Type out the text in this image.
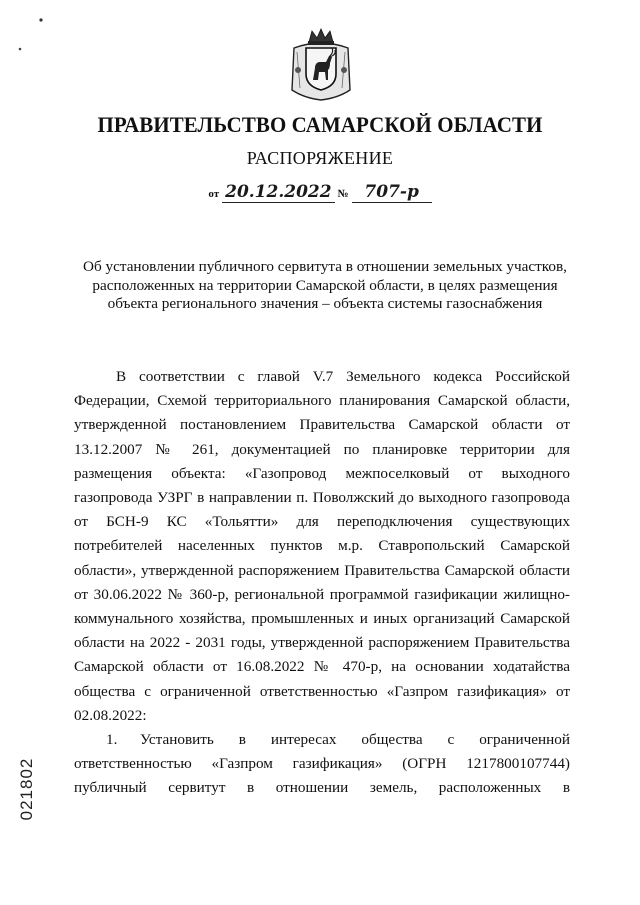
ПРАВИТЕЛЬСТВО САМАРСКОЙ ОБЛАСТИ
РАСПОРЯЖЕНИЕ
от 20.12.2022 № 707-р
Об установлении публичного сервитута в отношении земельных участков, расположенных на территории Самарской области, в целях размещения объекта регионального значения – объекта системы газоснабжения

В соответствии с главой V.7 Земельного кодекса Российской Федерации, Схемой территориального планирования Самарской области, утвержденной постановлением Правительства Самарской области от 13.12.2007 № 261, документацией по планировке территории для размещения объекта: «Газопровод межпоселковый от выходного газопровода УЗРГ в направлении п. Поволжский до выходного газопровода от БСН-9 КС «Тольятти» для переподключения существующих потребителей населенных пунктов м.р. Ставропольский Самарской области», утвержденной распоряжением Правительства Самарской области от 30.06.2022 № 360-р, региональной программой газификации жилищно-коммунального хозяйства, промышленных и иных организаций Самарской области на 2022 - 2031 годы, утвержденной распоряжением Правительства Самарской области от 16.08.2022 № 470-р, на основании ходатайства общества с ограниченной ответственностью «Газпром газификация» от 02.08.2022:

1. Установить в интересах общества с ограниченной ответственностью «Газпром газификация» (ОГРН 1217800107744) публичный сервитут в отношении земель, расположенных в

021802
